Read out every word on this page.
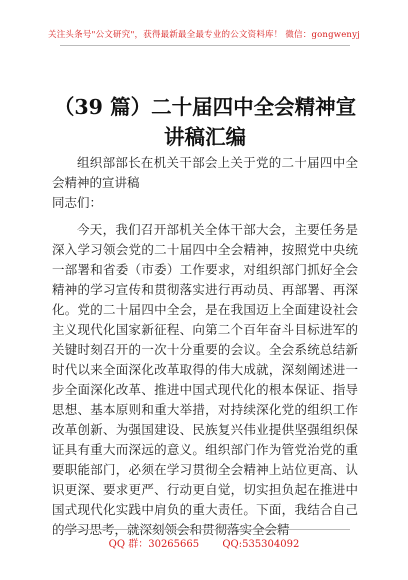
关注头条号"公文研究"，获得最新最全最专业的公文资料库！ 微信：gongwenyj
（39 篇）二十届四中全会精神宣讲稿汇编

组织部部长在机关干部会上关于党的二十届四中全会精神的宣讲稿

同志们：

今天，我们召开部机关全体干部大会，主要任务是深入学习领会党的二十届四中全会精神，按照党中央统一部署和省委（市委）工作要求，对组织部门抓好全会精神的学习宣传和贯彻落实进行再动员、再部署、再深化。党的二十届四中全会，是在我国迈上全面建设社会主义现代化国家新征程、向第二个百年奋斗目标进军的关键时刻召开的一次十分重要的会议。全会系统总结新时代以来全面深化改革取得的伟大成就，深刻阐述进一步全面深化改革、推进中国式现代化的根本保证、指导思想、基本原则和重大举措，对持续深化党的组织工作改革创新、为强国建设、民族复兴伟业提供坚强组织保证具有重大而深远的意义。组织部门作为管党治党的重要职能部门，必须在学习贯彻全会精神上站位更高、认识更深、要求更严、行动更自觉，切实担负起在推进中国式现代化实践中肩负的重大责任。下面，我结合自己的学习思考，就深刻领会和贯彻落实全会精

QQ 群：30265665 QQ:535304092
